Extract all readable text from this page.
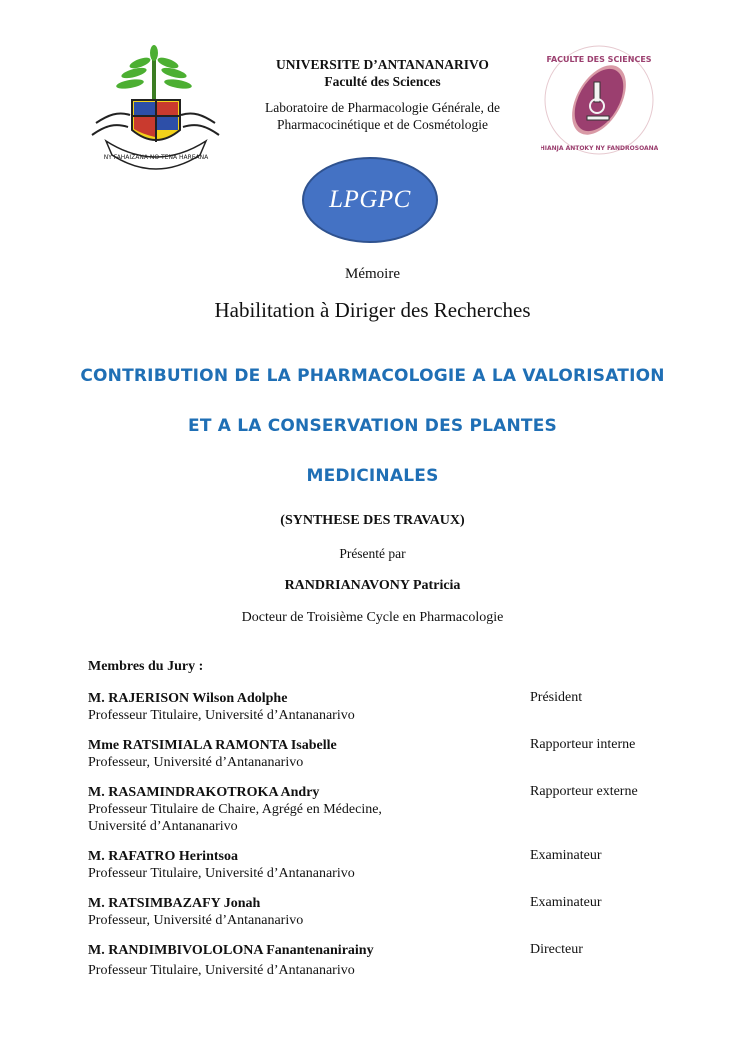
NY FAHAIZANA NO TENA HAREANA
FACULTE DES SCIENCES
HIANJA ANTOKY NY FANDROSOANA
UNIVERSITE D’ANTANANARIVO
Faculté des Sciences
Laboratoire de Pharmacologie Générale, de
Pharmacocinétique et de Cosmétologie
LPGPC
Mémoire
Habilitation à Diriger des Recherches
CONTRIBUTION DE LA PHARMACOLOGIE A LA VALORISATION
ET A LA CONSERVATION DES PLANTES
MEDICINALES
(SYNTHESE DES TRAVAUX)
Présenté par
RANDRIANAVONY Patricia
Docteur de Troisième Cycle en Pharmacologie
Membres du Jury :
M. RAJERISON Wilson Adolphe
Professeur Titulaire, Université d’Antananarivo
Président
Mme RATSIMIALA RAMONTA Isabelle
Professeur, Université d’Antananarivo
Rapporteur interne
M. RASAMINDRAKOTROKA Andry
Professeur Titulaire de Chaire, Agrégé en Médecine,
Université d’Antananarivo
Rapporteur externe
M. RAFATRO Herintsoa
Professeur Titulaire, Université d’Antananarivo
Examinateur
M. RATSIMBAZAFY Jonah
Professeur, Université d’Antananarivo
Examinateur
M. RANDIMBIVOLOLONA Fanantenanirainy
Professeur Titulaire, Université d’Antananarivo
Directeur
